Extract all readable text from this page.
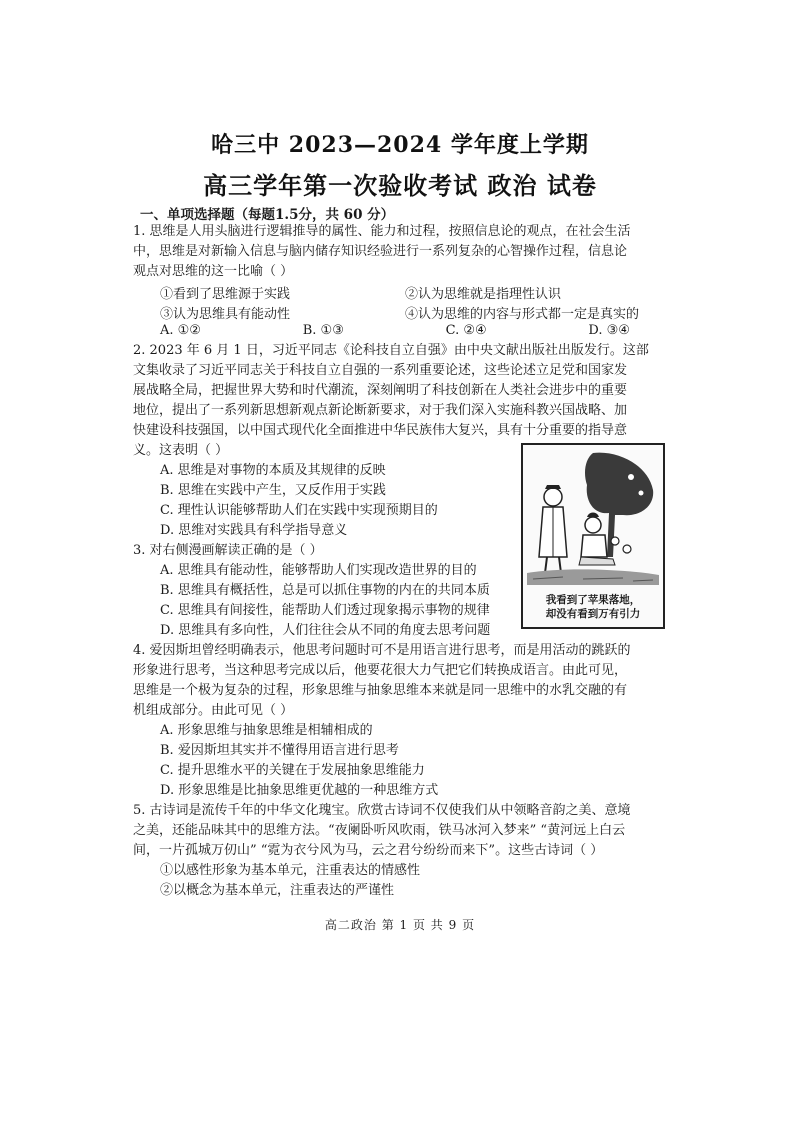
哈三中 2023—2024 学年度上学期
高三学年第一次验收考试 政治 试卷
一、单项选择题（每题1.5分，共 60 分）
1. 思维是人用头脑进行逻辑推导的属性、能力和过程，按照信息论的观点，在社会生活
中，思维是对新输入信息与脑内储存知识经验进行一系列复杂的心智操作过程，信息论
观点对思维的这一比喻（ ）
①看到了思维源于实践	②认为思维就是指理性认识
③认为思维具有能动性	④认为思维的内容与形式都一定是真实的
A. ①②	B. ①③	C. ②④	D. ③④
2. 2023 年 6 月 1 日，习近平同志《论科技自立自强》由中央文献出版社出版发行。这部
文集收录了习近平同志关于科技自立自强的一系列重要论述，这些论述立足党和国家发
展战略全局，把握世界大势和时代潮流，深刻阐明了科技创新在人类社会进步中的重要
地位，提出了一系列新思想新观点新论断新要求，对于我们深入实施科教兴国战略、加
快建设科技强国，以中国式现代化全面推进中华民族伟大复兴，具有十分重要的指导意
义。这表明（ ）
A. 思维是对事物的本质及其规律的反映
B. 思维在实践中产生，又反作用于实践
C. 理性认识能够帮助人们在实践中实现预期目的
D. 思维对实践具有科学指导意义
3. 对右侧漫画解读正确的是（ ）
A. 思维具有能动性，能够帮助人们实现改造世界的目的
B. 思维具有概括性，总是可以抓住事物的内在的共同本质
C. 思维具有间接性，能帮助人们透过现象揭示事物的规律
D. 思维具有多向性，人们往往会从不同的角度去思考问题
我看到了苹果落地，
却没有看到万有引力
4. 爱因斯坦曾经明确表示，他思考问题时可不是用语言进行思考，而是用活动的跳跃的
形象进行思考，当这种思考完成以后，他要花很大力气把它们转换成语言。由此可见，
思维是一个极为复杂的过程，形象思维与抽象思维本来就是同一思维中的水乳交融的有
机组成部分。由此可见（ ）
A. 形象思维与抽象思维是相辅相成的
B. 爱因斯坦其实并不懂得用语言进行思考
C. 提升思维水平的关键在于发展抽象思维能力
D. 形象思维是比抽象思维更优越的一种思维方式
5. 古诗词是流传千年的中华文化瑰宝。欣赏古诗词不仅使我们从中领略音韵之美、意境
之美，还能品味其中的思维方法。“夜阑卧听风吹雨，铁马冰河入梦来” “黄河远上白云
间，一片孤城万仞山” “霓为衣兮风为马，云之君兮纷纷而来下”。这些古诗词（ ）
①以感性形象为基本单元，注重表达的情感性
②以概念为基本单元，注重表达的严谨性
高二政治 第 1 页 共 9 页
